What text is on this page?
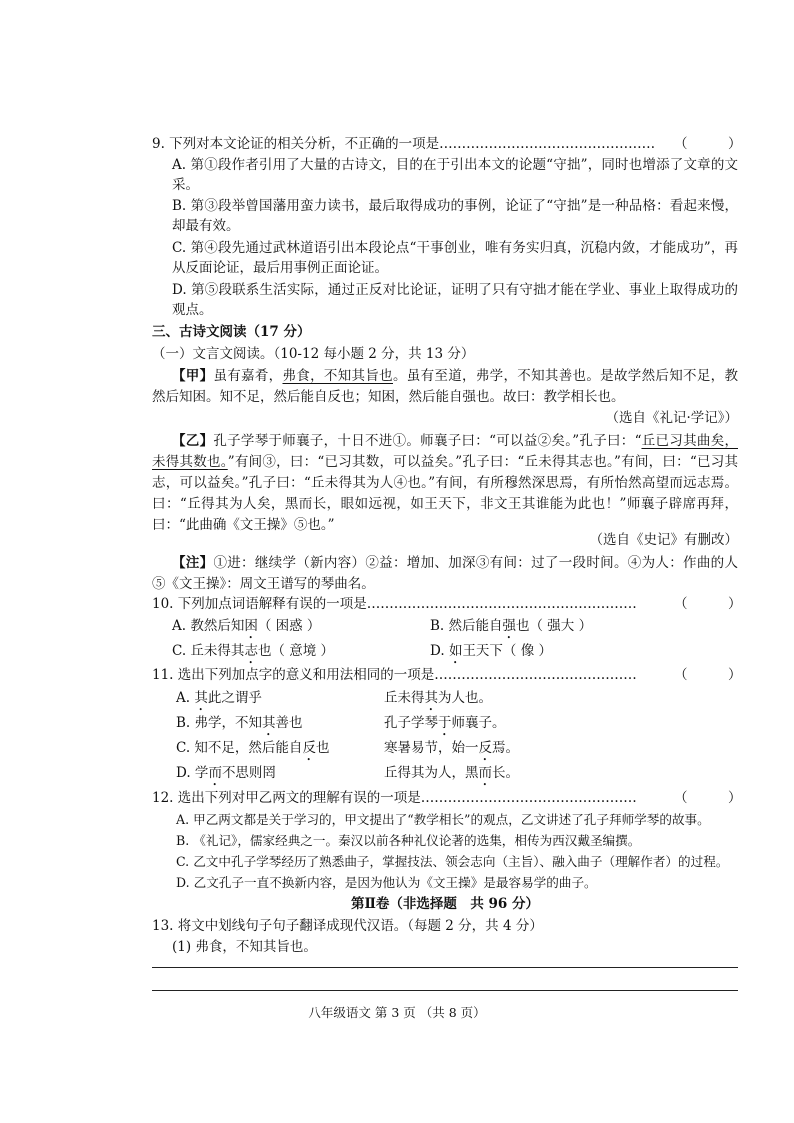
9. 下列对本文论证的相关分析，不正确的一项是………………………………………… （　　　）
A. 第①段作者引用了大量的古诗文，目的在于引出本文的论题“守拙”，同时也增添了文章的文采。
B. 第③段举曾国藩用蛮力读书，最后取得成功的事例，论证了“守拙”是一种品格：看起来慢，却最有效。
C. 第④段先通过武林道语引出本段论点“干事创业，唯有务实归真，沉稳内敛，才能成功”，再从反面论证，最后用事例正面论证。
D. 第⑤段联系生活实际，通过正反对比论证，证明了只有守拙才能在学业、事业上取得成功的观点。
三、古诗文阅读（17 分）
（一）文言文阅读。（10-12 每小题 2 分，共 13 分）
【甲】虽有嘉肴，弗食，不知其旨也。虽有至道，弗学，不知其善也。是故学然后知不足，教然后知困。知不足，然后能自反也；知困，然后能自强也。故曰：教学相长也。
（选自《礼记·学记》）
【乙】孔子学琴于师襄子，十日不进①。师襄子曰：“可以益②矣。”孔子曰：“丘已习其曲矣，未得其数也。”有间③，曰：“已习其数，可以益矣。”孔子曰：“丘未得其志也。”有间，曰：“已习其志，可以益矣。”孔子曰：“丘未得其为人④也。”有间，有所穆然深思焉，有所怡然高望而远志焉。曰：“丘得其为人矣，黑而长，眼如远视，如王天下，非文王其谁能为此也！”师襄子辟席再拜，曰：“此曲确《文王操》⑤也。”
（选自《史记》有删改）
【注】①进：继续学（新内容）②益：增加、加深③有间：过了一段时间。④为人：作曲的人⑤《文王操》：周文王谱写的琴曲名。
10. 下列加点词语解释有误的一项是……………………………………………………	（　　　）
A. 教然后知困（ 困惑 ）	B. 然后能自强也（ 强大 ）
C. 丘未得其志也（ 意境 ）	D. 如王天下（ 像 ）
11. 选出下列加点字的意义和用法相同的一项是………………………………………	（　　　）
A. 其此之谓乎	丘未得其为人也。
B. 弗学，不知其善也	孔子学琴于师襄子。
C. 知不足，然后能自反也	寒暑易节，始一反焉。
D. 学而不思则罔	丘得其为人，黑而长。
12. 选出下列对甲乙两文的理解有误的一项是…………………………………………	（　　　）
A. 甲乙两文都是关于学习的，甲文提出了“教学相长”的观点，乙文讲述了孔子拜师学琴的故事。
B. 《礼记》，儒家经典之一。秦汉以前各种礼仪论著的选集，相传为西汉戴圣编撰。
C. 乙文中孔子学琴经历了熟悉曲子，掌握技法、领会志向（主旨）、融入曲子（理解作者）的过程。
D. 乙文孔子一直不换新内容，是因为他认为《文王操》是最容易学的曲子。
第Ⅱ卷（非选择题　共 96 分）
13. 将文中划线句子句子翻译成现代汉语。（每题 2 分，共 4 分）
(1) 弗食，不知其旨也。
八年级语文 第 3 页 （共 8 页）
